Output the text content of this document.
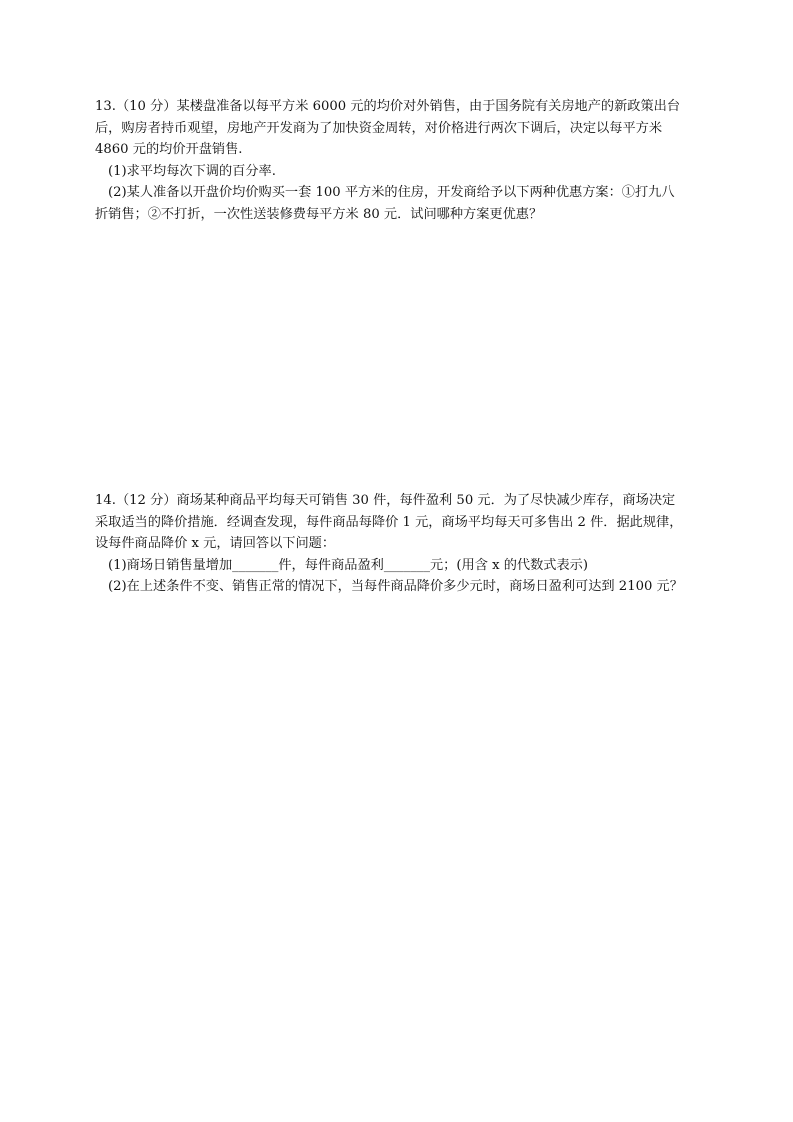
13.（10 分）某楼盘准备以每平方米 6000 元的均价对外销售，由于国务院有关房地产的新政策出台
后，购房者持币观望，房地产开发商为了加快资金周转，对价格进行两次下调后，决定以每平方米
4860 元的均价开盘销售.
(1)求平均每次下调的百分率.
(2)某人准备以开盘价均价购买一套 100 平方米的住房，开发商给予以下两种优惠方案：①打九八
折销售；②不打折，一次性送装修费每平方米 80 元．试问哪种方案更优惠？
14.（12 分）商场某种商品平均每天可销售 30 件，每件盈利 50 元．为了尽快减少库存，商场决定
采取适当的降价措施．经调查发现，每件商品每降价 1 元，商场平均每天可多售出 2 件．据此规律，
设每件商品降价 x 元，请回答以下问题：
(1)商场日销售量增加_______件，每件商品盈利_______元；(用含 x 的代数式表示)
(2)在上述条件不变、销售正常的情况下，当每件商品降价多少元时，商场日盈利可达到 2100 元？
